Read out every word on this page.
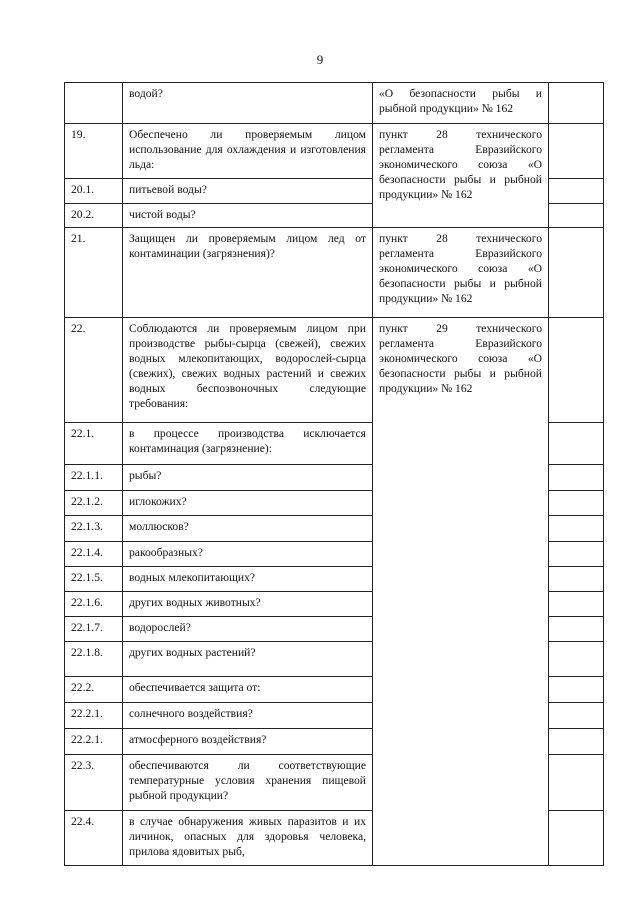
9
	водой?	«О безопасности рыбы и рыбной продукции» № 162	
19.	Обеспечено ли проверяемым лицом использование для охлаждения и изготовления льда:	пункт 28 технического регламента Евразийского экономического союза «О безопасности рыбы и рыбной продукции» № 162	
20.1.	питьевой воды?		
20.2.	чистой воды?		
21.	Защищен ли проверяемым лицом лед от контаминации (загрязнения)?	пункт 28 технического регламента Евразийского экономического союза «О безопасности рыбы и рыбной продукции» № 162	
22.	Соблюдаются ли проверяемым лицом при производстве рыбы-сырца (свежей), свежих водных млекопитающих, водорослей-сырца (свежих), свежих водных растений и свежих водных беспозвоночных следующие требования:	пункт 29 технического регламента Евразийского экономического союза «О безопасности рыбы и рыбной продукции» № 162	
22.1.	в процессе производства исключается контаминация (загрязнение):		
22.1.1.	рыбы?		
22.1.2.	иглокожих?		
22.1.3.	моллюсков?		
22.1.4.	ракообразных?		
22.1.5.	водных млекопитающих?		
22.1.6.	других водных животных?		
22.1.7.	водорослей?		
22.1.8.	других водных растений?		
22.2.	обеспечивается защита от:		
22.2.1.	солнечного воздействия?		
22.2.1.	атмосферного воздействия?		
22.3.	обеспечиваются ли соответствующие температурные условия хранения пищевой рыбной продукции?		
22.4.	в случае обнаружения живых паразитов и их личинок, опасных для здоровья человека, прилова ядовитых рыб,		
